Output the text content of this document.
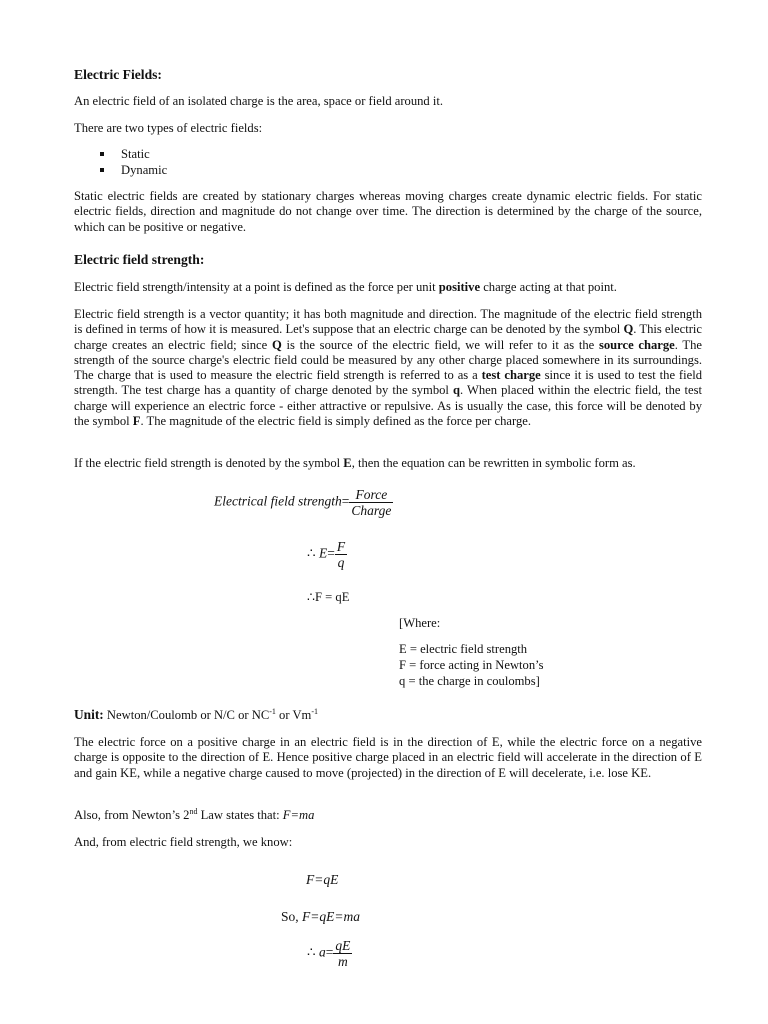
Electric Fields:

An electric field of an isolated charge is the area, space or field around it.

There are two types of electric fields:

Static
Dynamic

Static electric fields are created by stationary charges whereas moving charges create dynamic electric fields. For static electric fields, direction and magnitude do not change over time. The direction is determined by the charge of the source, which can be positive or negative.

Electric field strength:

Electric field strength/intensity at a point is defined as the force per unit positive charge acting at that point.

Electric field strength is a vector quantity; it has both magnitude and direction. The magnitude of the electric field strength is defined in terms of how it is measured. Let's suppose that an electric charge can be denoted by the symbol Q. This electric charge creates an electric field; since Q is the source of the electric field, we will refer to it as the source charge. The strength of the source charge's electric field could be measured by any other charge placed somewhere in its surroundings. The charge that is used to measure the electric field strength is referred to as a test charge since it is used to test the field strength. The test charge has a quantity of charge denoted by the symbol q. When placed within the electric field, the test charge will experience an electric force - either attractive or repulsive. As is usually the case, this force will be denoted by the symbol F. The magnitude of the electric field is simply defined as the force per charge.

If the electric field strength is denoted by the symbol E, then the equation can be rewritten in symbolic form as.

Electrical field strength= $\frac{\text{Force}}{\text{Charge}}$
∴ $E= \frac{F}{q}$
∴F = qE

[Where:

E = electric field strength

F = force acting in Newton’s

q = the charge in coulombs]

Unit: Newton/Coulomb or N/C or $NC^{-1}$ or $Vm^{-1}$

The electric force on a positive charge in an electric field is in the direction of E, while the electric force on a negative charge is opposite to the direction of E. Hence positive charge placed in an electric field will accelerate in the direction of E and gain KE, while a negative charge caused to move (projected) in the direction of E will decelerate, i.e. lose KE.

Also, from Newton’s 2nd Law states that: F=ma

And, from electric field strength, we know:

F=qE
So, F=qE=ma
∴ $a= \frac{qE}{m}$
